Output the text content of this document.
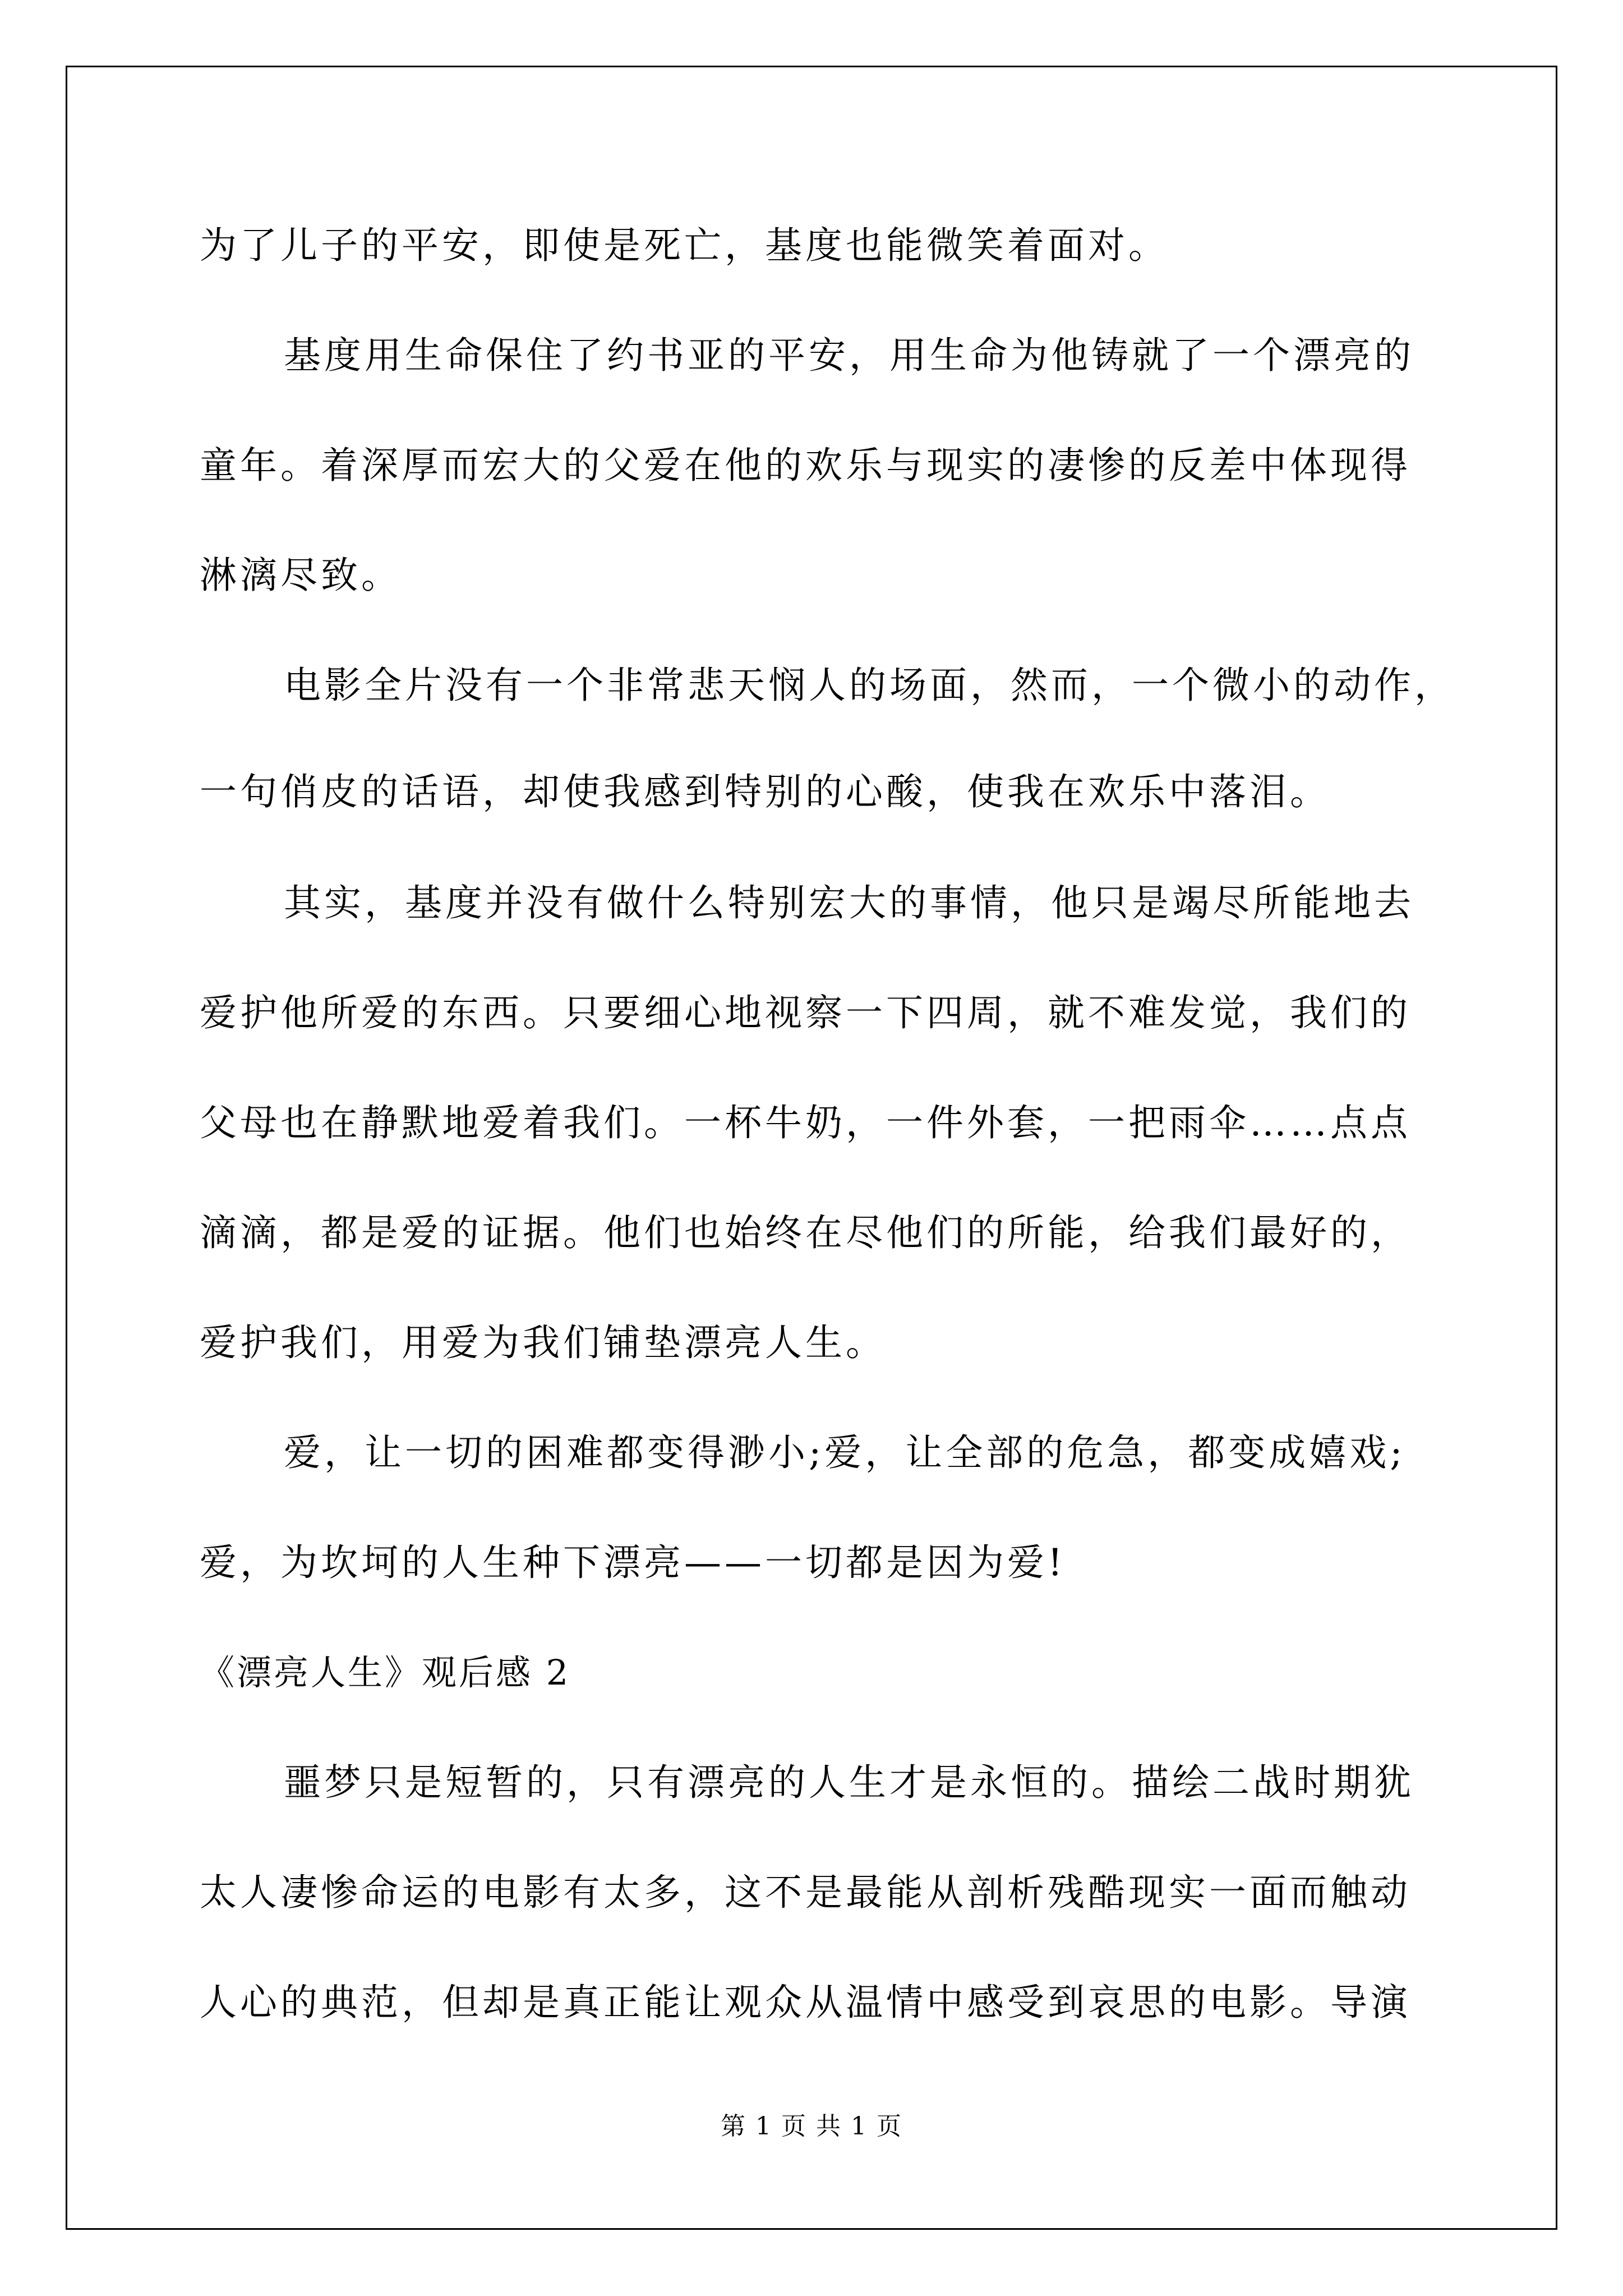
为了儿子的平安，即使是死亡，基度也能微笑着面对。

基度用生命保住了约书亚的平安，用生命为他铸就了一个漂亮的

童年。着深厚而宏大的父爱在他的欢乐与现实的凄惨的反差中体现得

淋漓尽致。

电影全片没有一个非常悲天悯人的场面，然而，一个微小的动作，

一句俏皮的话语，却使我感到特别的心酸，使我在欢乐中落泪。

其实，基度并没有做什么特别宏大的事情，他只是竭尽所能地去

爱护他所爱的东西。只要细心地视察一下四周，就不难发觉，我们的

父母也在静默地爱着我们。一杯牛奶，一件外套，一把雨伞……点点

滴滴，都是爱的证据。他们也始终在尽他们的所能，给我们最好的，

爱护我们，用爱为我们铺垫漂亮人生。

爱，让一切的困难都变得渺小;爱，让全部的危急，都变成嬉戏;

爱，为坎坷的人生种下漂亮——一切都是因为爱!

《漂亮人生》观后感 2

噩梦只是短暂的，只有漂亮的人生才是永恒的。描绘二战时期犹

太人凄惨命运的电影有太多，这不是最能从剖析残酷现实一面而触动

人心的典范，但却是真正能让观众从温情中感受到哀思的电影。导演

第 1 页 共 1 页
